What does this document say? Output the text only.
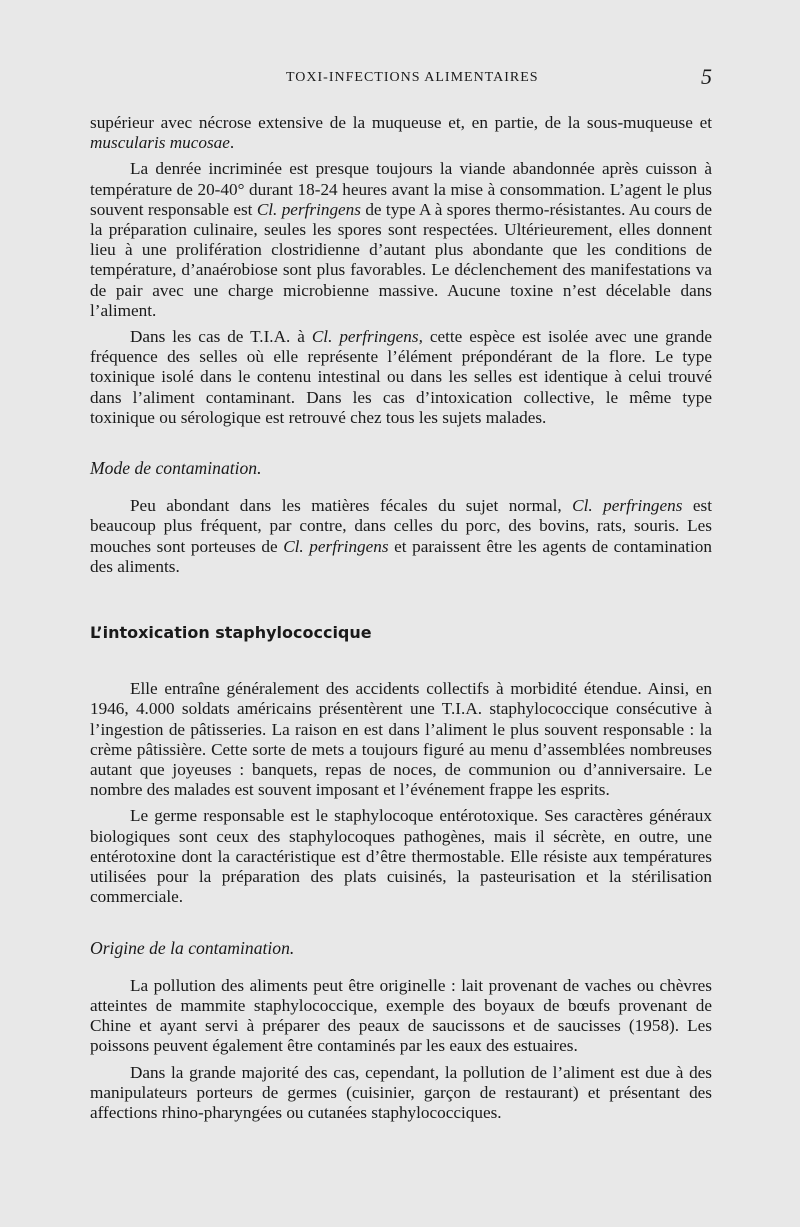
TOXI-INFECTIONS ALIMENTAIRES	5

supérieur avec nécrose extensive de la muqueuse et, en partie, de la sous-muqueuse et muscularis mucosae.

La denrée incriminée est presque toujours la viande abandonnée après cuisson à température de 20-40° durant 18-24 heures avant la mise à consommation. L’agent le plus souvent responsable est Cl. perfringens de type A à spores thermo-résistantes. Au cours de la préparation culinaire, seules les spores sont respectées. Ultérieurement, elles donnent lieu à une prolifération clostridienne d’autant plus abondante que les conditions de température, d’anaérobiose sont plus favorables. Le déclenchement des manifestations va de pair avec une charge microbienne massive. Aucune toxine n’est décelable dans l’aliment.

Dans les cas de T.I.A. à Cl. perfringens, cette espèce est isolée avec une grande fréquence des selles où elle représente l’élément prépondérant de la flore. Le type toxinique isolé dans le contenu intestinal ou dans les selles est identique à celui trouvé dans l’aliment contaminant. Dans les cas d’intoxication collective, le même type toxinique ou sérologique est retrouvé chez tous les sujets malades.

Mode de contamination.

Peu abondant dans les matières fécales du sujet normal, Cl. perfringens est beaucoup plus fréquent, par contre, dans celles du porc, des bovins, rats, souris. Les mouches sont porteuses de Cl. perfringens et paraissent être les agents de contamination des aliments.

L’intoxication staphylococcique

Elle entraîne généralement des accidents collectifs à morbidité étendue. Ainsi, en 1946, 4.000 soldats américains présentèrent une T.I.A. staphylococcique consécutive à l’ingestion de pâtisseries. La raison en est dans l’aliment le plus souvent responsable : la crème pâtissière. Cette sorte de mets a toujours figuré au menu d’assemblées nombreuses autant que joyeuses : banquets, repas de noces, de communion ou d’anniversaire. Le nombre des malades est souvent imposant et l’événement frappe les esprits.

Le germe responsable est le staphylocoque entérotoxique. Ses caractères généraux biologiques sont ceux des staphylocoques pathogènes, mais il sécrète, en outre, une entérotoxine dont la caractéristique est d’être thermostable. Elle résiste aux températures utilisées pour la préparation des plats cuisinés, la pasteurisation et la stérilisation commerciale.

Origine de la contamination.

La pollution des aliments peut être originelle : lait provenant de vaches ou chèvres atteintes de mammite staphylococcique, exemple des boyaux de bœufs provenant de Chine et ayant servi à préparer des peaux de saucissons et de saucisses (1958). Les poissons peuvent également être contaminés par les eaux des estuaires.

Dans la grande majorité des cas, cependant, la pollution de l’aliment est due à des manipulateurs porteurs de germes (cuisinier, garçon de restaurant) et présentant des affections rhino-pharyngées ou cutanées staphylococciques.
